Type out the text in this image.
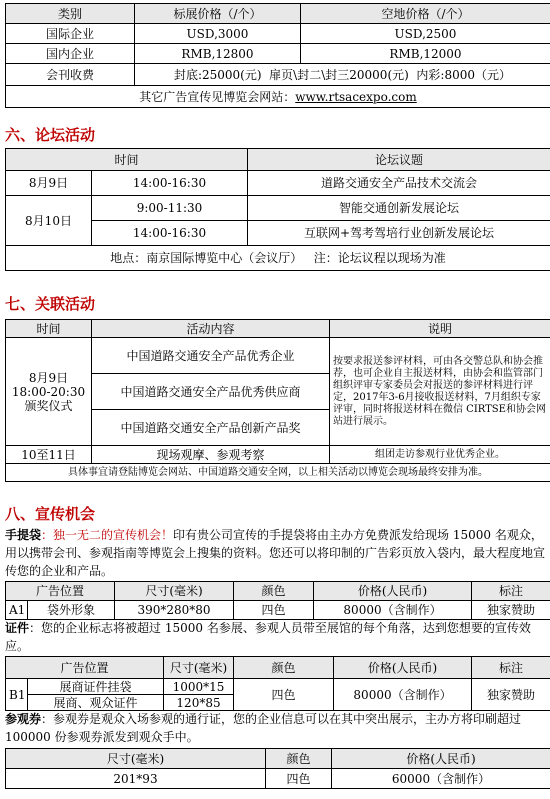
类别	标展价格（/个）	空地价格（/个）
国际企业	USD,3000	USD,2500
国内企业	RMB,12800	RMB,12000
会刊收费	封底:25000(元)  扉页\封二\封三20000(元)  内彩:8000（元）	
其它广告宣传见博览会网站：www.rtsacexpo.com		
六、论坛活动
时间		论坛议题
8月9日	14:00-16:30	道路交通安全产品技术交流会
8月10日	9:00-11:30	智能交通创新发展论坛
	14:00-16:30	互联网+驾考驾培行业创新发展论坛
地点：南京国际博览中心（会议厅）   注：论坛议程以现场为准		
七、关联活动
时间	活动内容	说明

8月9日
18:00-20:30
颁奖仪式	中国道路交通安全产品优秀企业	按要求报送参评材料，可由各交警总队和协会推荐，也可企业自主报送材料，由协会和监管部门组织评审专家委员会对报送的参评材料进行评定，2017年3-6月接收报送材料，7月组织专家评审，同时将报送材料在微信 CIRTSE和协会网站进行展示。
	中国道路交通安全产品优秀供应商	
	中国道路交通安全产品创新产品奖	
10至11日	现场观摩、参观考察	组团走访参观行业优秀企业。
具体事宜请登陆博览会网站、中国道路交通安全网，以上相关活动以博览会现场最终安排为准。		
八、宣传机会
手提袋：独一无二的宣传机会！印有贵公司宣传的手提袋将由主办方免费派发给现场 15000 名观众，用以携带会刊、参观指南等博览会上搜集的资料。您还可以将印制的广告彩页放入袋内，最大程度地宣传您的企业和产品。
广告位置		尺寸(毫米)	颜色	价格(人民币)	标注
A1	袋外形象	390*280*80	四色	80000（含制作）	独家赞助
证件：您的企业标志将被超过 15000 名参展、参观人员带至展馆的每个角落，达到您想要的宣传效应。
广告位置		尺寸(毫米)	颜色	价格(人民币)	标注
B1	展商证件挂袋	1000*15	四色	80000（含制作）	独家赞助
	展商、观众证件	120*85			
参观券：参观券是观众入场参观的通行证，您的企业信息可以在其中突出展示，主办方将印刷超过 100000 份参观券派发到观众手中。
尺寸(毫米)	颜色	价格(人民币)
201*93	四色	60000（含制作）
